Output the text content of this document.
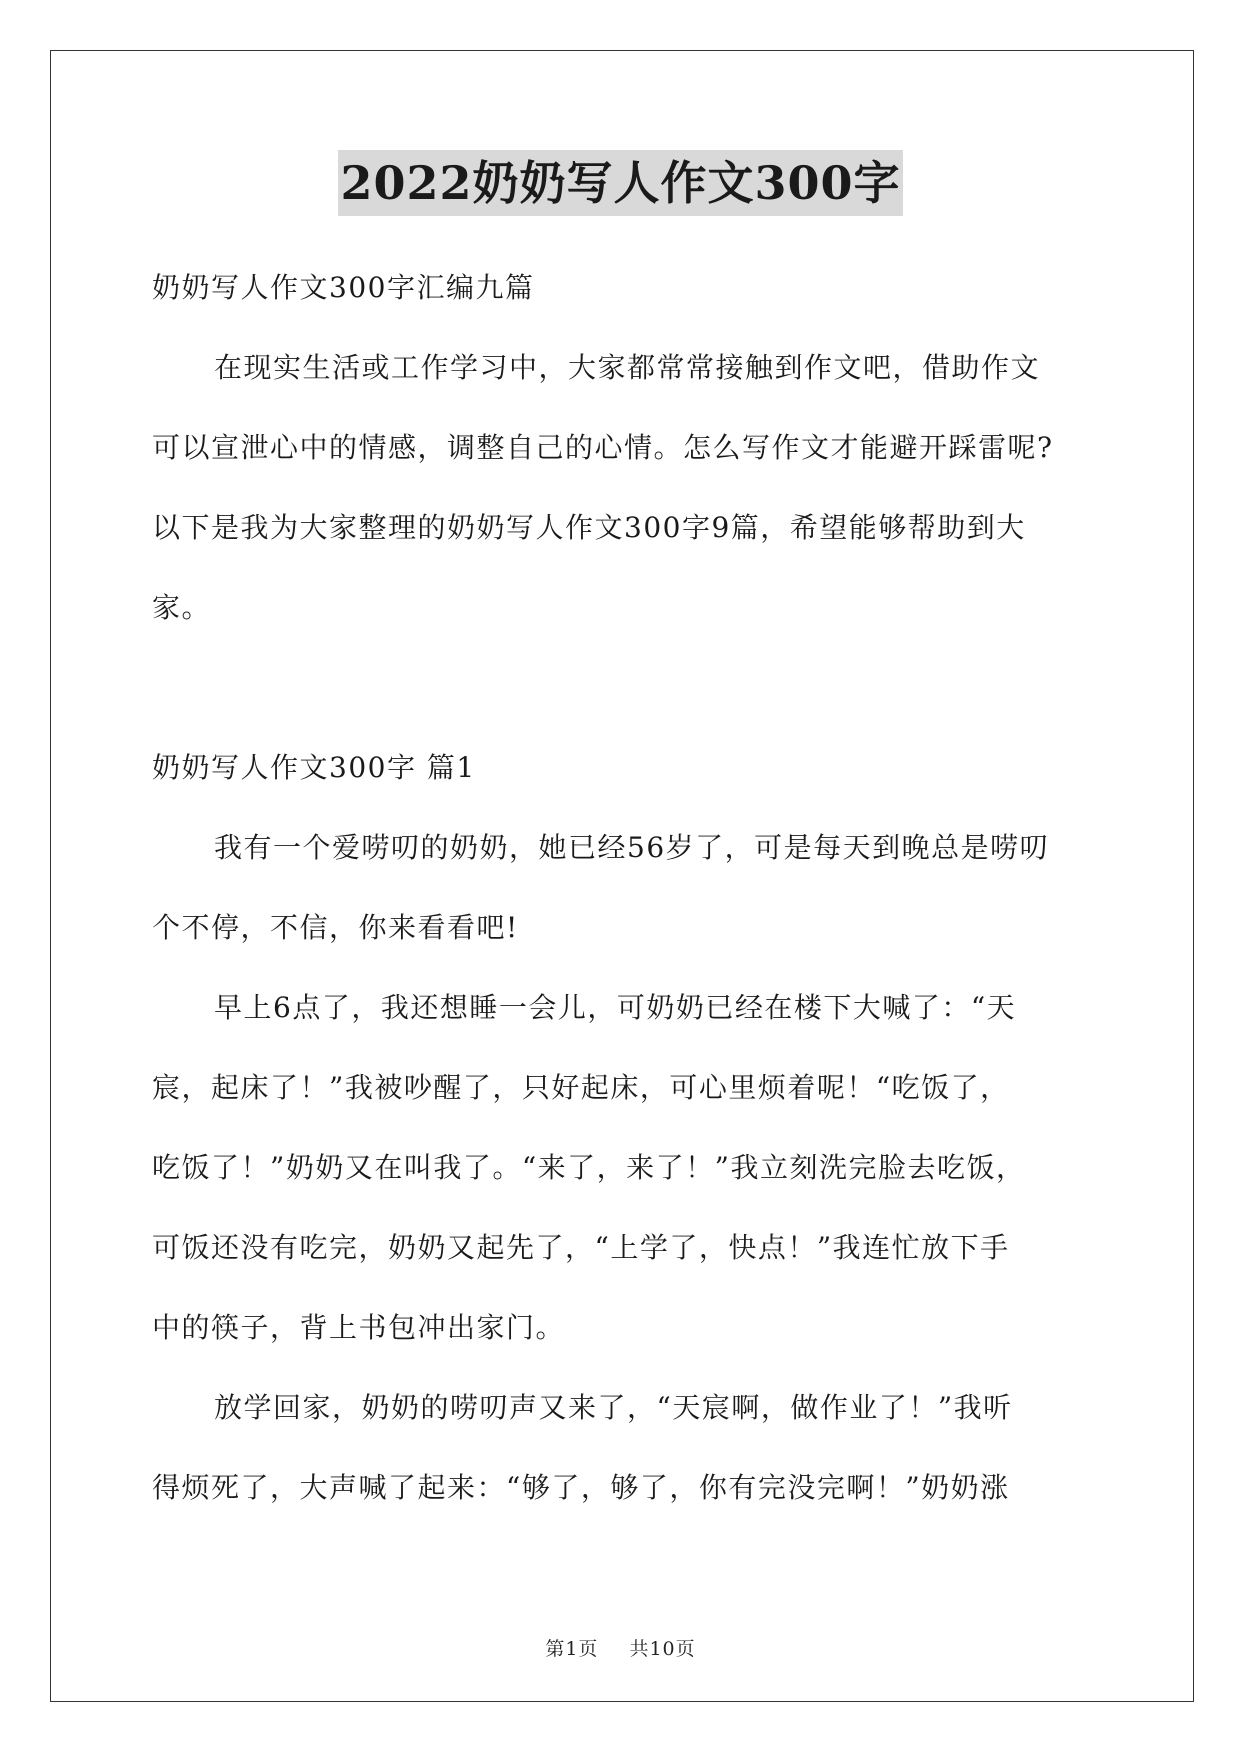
2022奶奶写人作文300字
奶奶写人作文300字汇编九篇
在现实生活或工作学习中，大家都常常接触到作文吧，借助作文
可以宣泄心中的情感，调整自己的心情。怎么写作文才能避开踩雷呢?
以下是我为大家整理的奶奶写人作文300字9篇，希望能够帮助到大
家。
奶奶写人作文300字 篇1
我有一个爱唠叨的奶奶，她已经56岁了，可是每天到晚总是唠叨
个不停，不信，你来看看吧!
早上6点了，我还想睡一会儿，可奶奶已经在楼下大喊了：“天
宸，起床了！”我被吵醒了，只好起床，可心里烦着呢！“吃饭了，
吃饭了！”奶奶又在叫我了。“来了，来了！”我立刻洗完脸去吃饭，
可饭还没有吃完，奶奶又起先了，“上学了，快点！”我连忙放下手
中的筷子，背上书包冲出家门。
放学回家，奶奶的唠叨声又来了，“天宸啊，做作业了！”我听
得烦死了，大声喊了起来：“够了，够了，你有完没完啊！”奶奶涨
第1页 共10页
